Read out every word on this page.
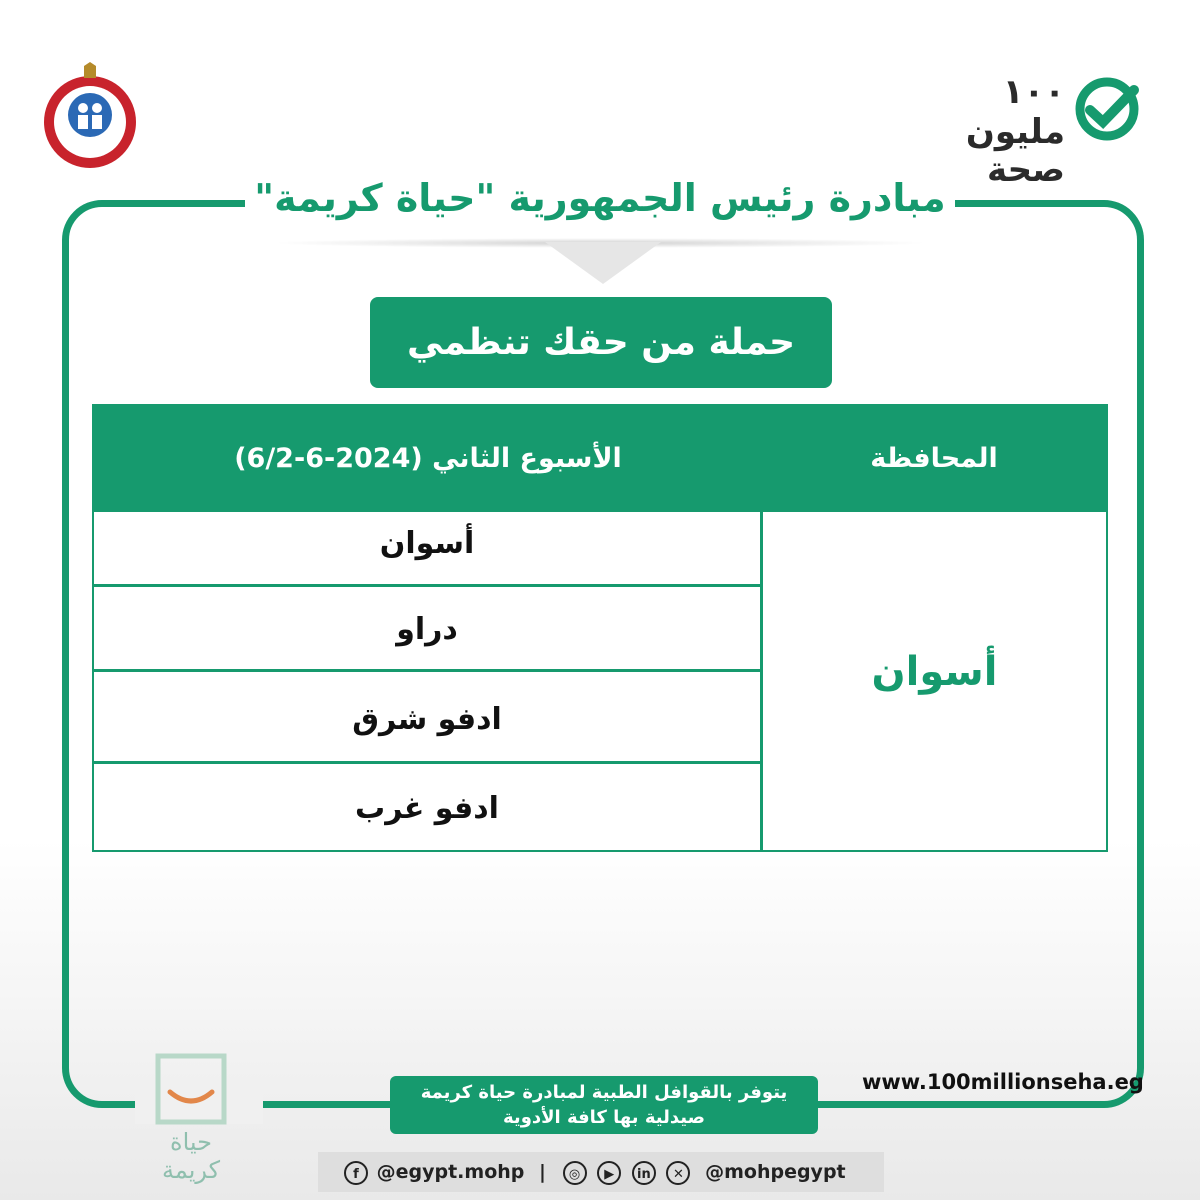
١٠٠ مليون
صحة
مبادرة رئيس الجمهورية "حياة كريمة"
حملة من حقك تنظمي
المحافظة
الأسبوع الثاني (2024-6-6/2)
أسوان
دراو
ادفو شرق
ادفو غرب
أسوان
www.100millionseha.eg
يتوفر بالقوافل الطبية لمبادرة حياة كريمة
صيدلية بها كافة الأدوية
حياة
كريمة	f @egypt.mohp | ◎ ▶ in ✕ @mohpegypt
